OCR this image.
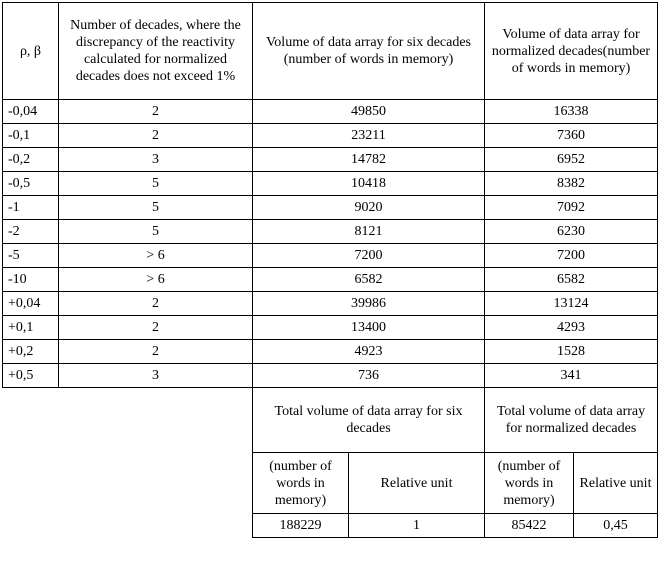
ρ, β	Number of decades, where the discrepancy of the reactivity calculated for normalized decades does not exceed 1%	Volume of data array for six decades (number of words in memory)		Volume of data array for normalized decades(number of words in memory)	
-0,04	2	49850		16338	
-0,1	2	23211		7360	
-0,2	3	14782		6952	
-0,5	5	10418		8382	
-1	5	9020		7092	
-2	5	8121		6230	
-5	> 6	7200		7200	
-10	> 6	6582		6582	
+0,04	2	39986		13124	
+0,1	2	13400		4293	
+0,2	2	4923		1528	
+0,5	3	736		341	
		Total volume of data array for six decades		Total volume of data array for normalized decades	
		(number of words in memory)	Relative unit	(number of words in memory)	Relative unit
		188229	1	85422	0,45
